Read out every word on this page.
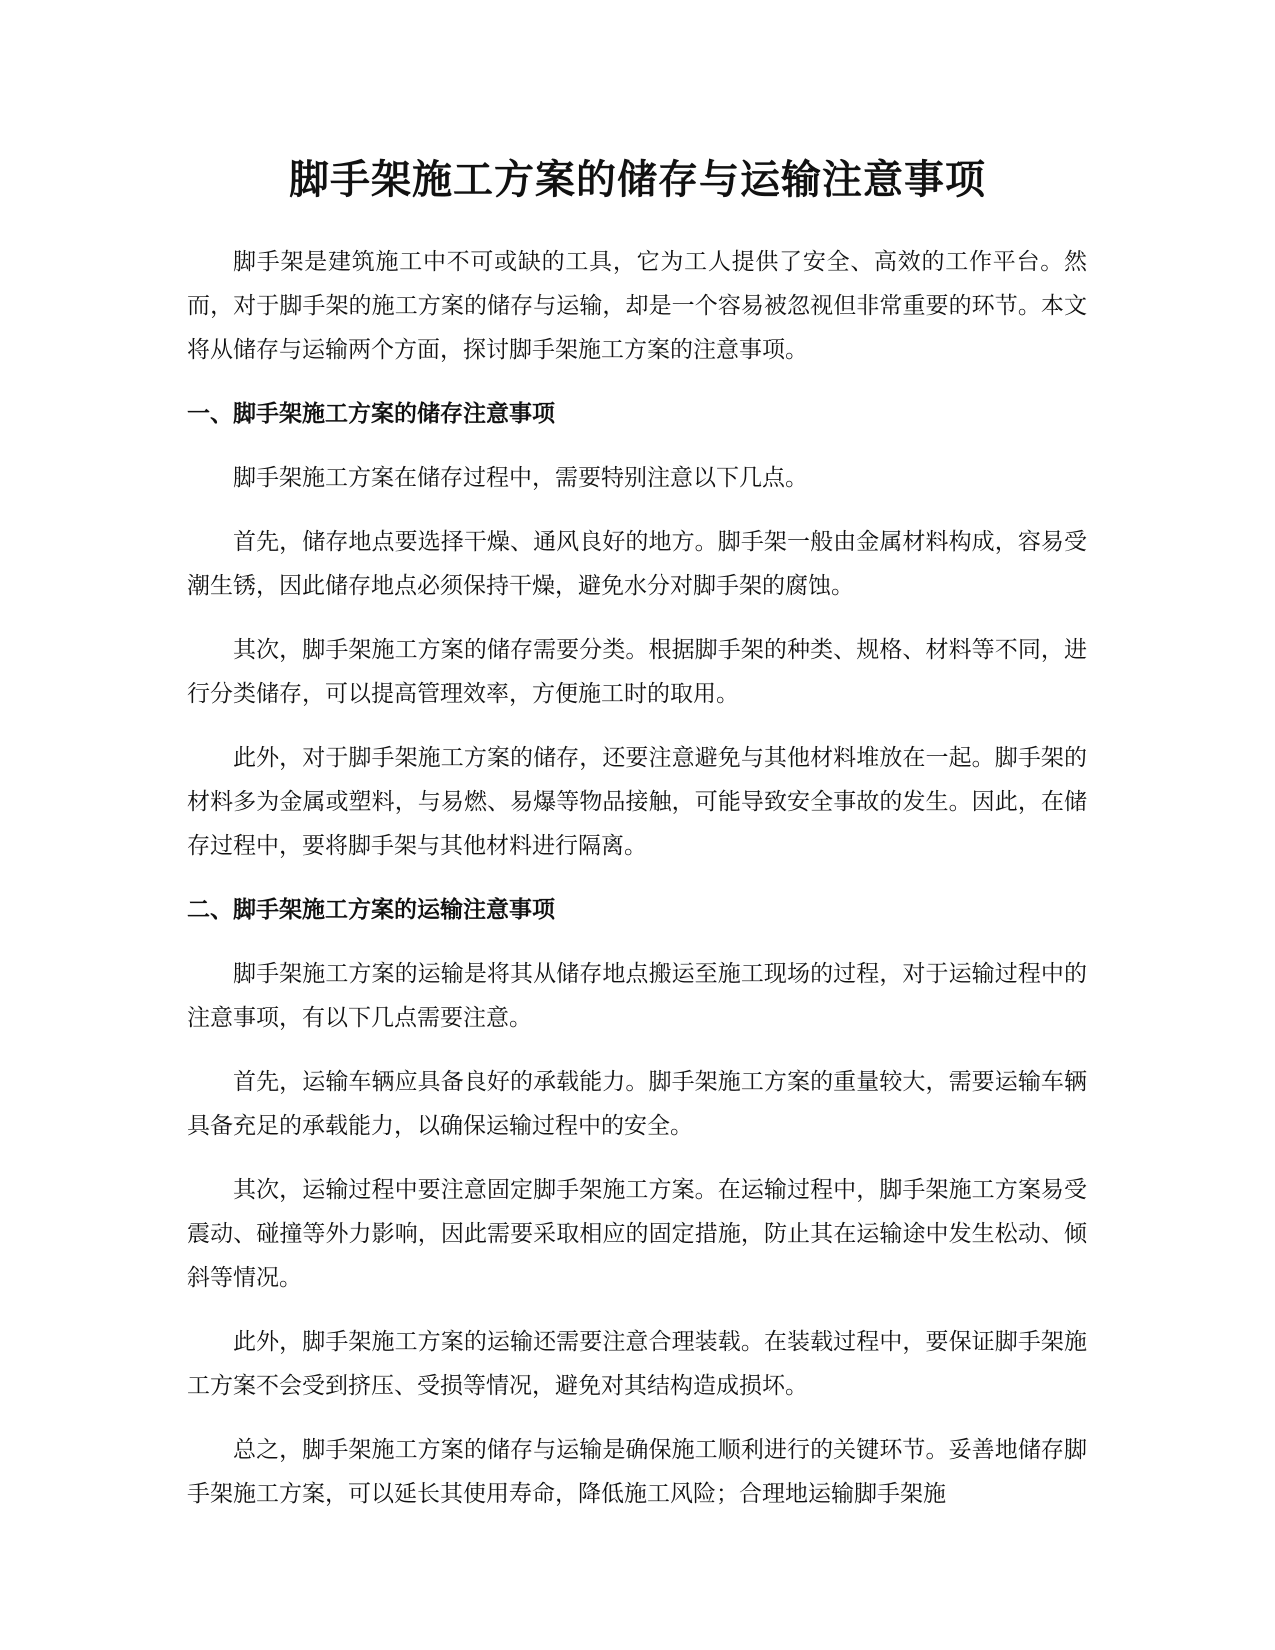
脚手架施工方案的储存与运输注意事项

脚手架是建筑施工中不可或缺的工具，它为工人提供了安全、高效的工作平台。然而，对于脚手架的施工方案的储存与运输，却是一个容易被忽视但非常重要的环节。本文将从储存与运输两个方面，探讨脚手架施工方案的注意事项。

一、脚手架施工方案的储存注意事项

脚手架施工方案在储存过程中，需要特别注意以下几点。

首先，储存地点要选择干燥、通风良好的地方。脚手架一般由金属材料构成，容易受潮生锈，因此储存地点必须保持干燥，避免水分对脚手架的腐蚀。

其次，脚手架施工方案的储存需要分类。根据脚手架的种类、规格、材料等不同，进行分类储存，可以提高管理效率，方便施工时的取用。

此外，对于脚手架施工方案的储存，还要注意避免与其他材料堆放在一起。脚手架的材料多为金属或塑料，与易燃、易爆等物品接触，可能导致安全事故的发生。因此，在储存过程中，要将脚手架与其他材料进行隔离。

二、脚手架施工方案的运输注意事项

脚手架施工方案的运输是将其从储存地点搬运至施工现场的过程，对于运输过程中的注意事项，有以下几点需要注意。

首先，运输车辆应具备良好的承载能力。脚手架施工方案的重量较大，需要运输车辆具备充足的承载能力，以确保运输过程中的安全。

其次，运输过程中要注意固定脚手架施工方案。在运输过程中，脚手架施工方案易受震动、碰撞等外力影响，因此需要采取相应的固定措施，防止其在运输途中发生松动、倾斜等情况。

此外，脚手架施工方案的运输还需要注意合理装载。在装载过程中，要保证脚手架施工方案不会受到挤压、受损等情况，避免对其结构造成损坏。

总之，脚手架施工方案的储存与运输是确保施工顺利进行的关键环节。妥善地储存脚手架施工方案，可以延长其使用寿命，降低施工风险；合理地运输脚手架施
